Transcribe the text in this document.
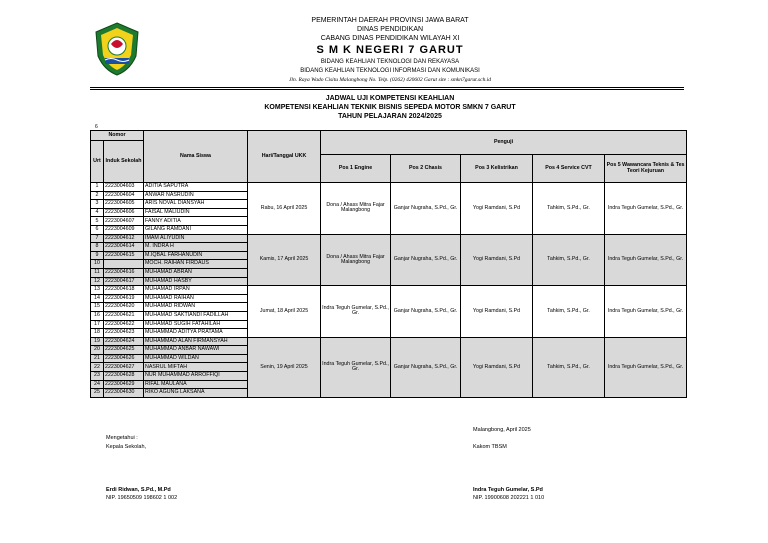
PEMERINTAH DAERAH PROVINSI JAWA BARAT
DINAS PENDIDIKAN
CABANG DINAS PENDIDIKAN WILAYAH XI
S M K NEGERI 7 GARUT
BIDANG KEAHLIAN TEKNOLOGI DAN REKAYASA
BIDANG KEAHLIAN TEKNOLOGI INFORMASI DAN KOMUNIKASI
Jln. Raya Wado Cisitu Malangbong No. Telp. (0262) 420602 Garut site : smkn7garut.sch.id
JADWAL UJI KOMPETENSI KEAHLIAN
KOMPETENSI KEAHLIAN TEKNIK BISNIS SEPEDA MOTOR SMKN 7 GARUT
TAHUN PELAJARAN 2024/2025
6
Nomor		Nama Siswa	Hari/Tanggal UKK	Penguji				
Urt	Induk Sekolah							
				Pos 1 Engine	Pos 2 Chasis	Pos 3 Kelistrikan	Pos 4 Service CVT	Pos 5 Wawancara Teknis & Tes Teori Kejuruan
1	2223004603	ADITIA SAPUTRA	Rabu, 16 April 2025	Dona / Ahass Mitra Fajar Malangbong	Ganjar Nugraha, S.Pd., Gr.	Yogi Ramdani, S.Pd	Tahkim, S.Pd., Gr.	Indra Teguh Gumelar, S.Pd., Gr.
2	2223004604	ANWAR NASRUDIN						
3	2223004605	ARIS NOVAL DIANSYAH						
4	2223004606	FAISAL MALIUDIN						
5	2223004607	FANNY ADITIA						
6	2223004609	GILANG RAMDANI						
7	2223004612	IMAM ALIYUDIN	Kamis, 17 April 2025	Dona / Ahass Mitra Fajar Malangbong	Ganjar Nugraha, S.Pd., Gr.	Yogi Ramdani, S.Pd	Tahkim, S.Pd., Gr.	Indra Teguh Gumelar, S.Pd., Gr.
8	2223004614	M. INDRA H						
9	2223004615	M.IQBAL FARHANUDIN						
10		MOCH. RAIHAN FIRDAUS						
11	2223004616	MUHAMAD ABRAN						
12	2223004617	MUHAMAD HASBY						
13	2223004618	MUHAMAD IRPAN	Jumat, 18 April 2025	Indra Teguh Gumelar, S.Pd., Gr.	Ganjar Nugraha, S.Pd., Gr.	Yogi Ramdani, S.Pd	Tahkim, S.Pd., Gr.	Indra Teguh Gumelar, S.Pd., Gr.
14	2223004619	MUHAMAD RAIHAN						
15	2223004620	MUHAMAD RIDWAN						
16	2223004621	MUHAMAD SAKTIANDI FADILLAH						
17	2223004622	MUHAMAD SUGIH FATAHILAH						
18	2223004623	MUHAMMAD ADITYA PRATAMA						
19	2223004624	MUHAMMAD ALAN FIRMANSYAH	Senin, 19 April 2025	Indra Teguh Gumelar, S.Pd., Gr.	Ganjar Nugraha, S.Pd., Gr.	Yogi Ramdani, S.Pd	Tahkim, S.Pd., Gr.	Indra Teguh Gumelar, S.Pd., Gr.
20	2223004625	MUHAMMAD ANBAR NAWAWI						
21	2223004626	MUHAMMAD WILDAN						
22	2223004627	NASRUL MIFTAH						
23	2223004628	NUR MUHAMMAD ARROFFIQI						
24	2223004629	RIFAL MAULANA						
25	2223004630	RIKO AGUNG LAKSANA						
Malangbong, April 2025
Mengetahui :
Kepala Sekolah,	Kakom TBSM
Erdi Ridwan, S.Pd., M.Pd
NIP. 19650509 198602 1 002
Indra Teguh Gumelar, S.Pd
NIP. 19900608 202221 1 010
